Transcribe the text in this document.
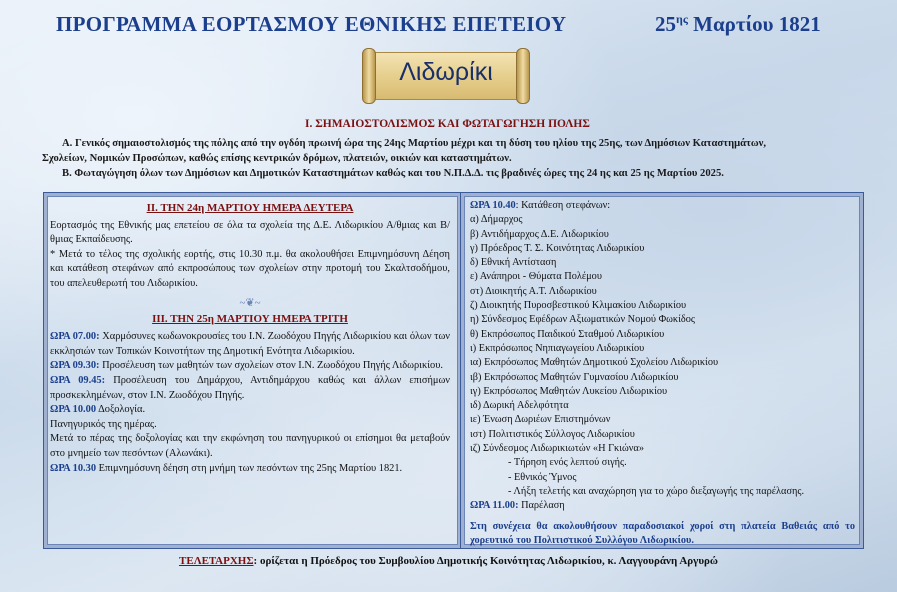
ΠΡΟΓΡΑΜΜΑ ΕΟΡΤΑΣΜΟΥ ΕΘΝΙΚΗΣ ΕΠΕΤΕΙΟΥ	$25^{\eta\varsigma}$ Μαρτίου 1821
Λιδωρίκι
Ι. ΣΗΜΑΙΟΣΤΟΛΙΣΜΟΣ ΚΑΙ ΦΩΤΑΓΩΓΗΣΗ ΠΟΛΗΣ

Α. Γενικός σημαιοστολισμός της πόλης από την ογδόη πρωινή ώρα της 24ης Μαρτίου μέχρι και τη δύση του ηλίου της 25ης, των Δημόσιων Καταστημάτων,

Σχολείων, Νομικών Προσώπων, καθώς επίσης κεντρικών δρόμων, πλατειών, οικιών και καταστημάτων.

Β. Φωταγώγηση όλων των Δημόσιων και Δημοτικών Καταστημάτων καθώς και του Ν.Π.Δ.Δ. τις βραδινές ώρες της 24 ης και 25 ης Μαρτίου 2025.

ΙΙ. ΤΗΝ 24η ΜΑΡΤΙΟΥ ΗΜΕΡΑ ΔΕΥΤΕΡΑ

Εορτασμός της Εθνικής μας επετείου σε όλα τα σχολεία της Δ.Ε. Λιδωρικίου Α/θμιας και Β/θμιας Εκπαίδευσης.

* Μετά το τέλος της σχολικής εορτής, στις 10.30 π.μ. θα ακολουθήσει Επιμνημόσυνη Δέηση και κατάθεση στεφάνων από εκπροσώπους των σχολείων στην προτομή του Σκαλτσοδήμου, του απελευθερωτή του Λιδωρικίου.

~❦~

ΙΙΙ. ΤΗΝ 25η ΜΑΡΤΙΟΥ ΗΜΕΡΑ ΤΡΙΤΗ

ΩΡΑ 07.00: Χαρμόσυνες κωδωνοκρουσίες του Ι.Ν. Ζωοδόχου Πηγής Λιδωρικίου και όλων των εκκλησιών των Τοπικών Κοινοτήτων της Δημοτική Ενότητα Λιδωρικίου.

ΩΡΑ 09.30: Προσέλευση των μαθητών των σχολείων στον Ι.Ν. Ζωοδόχου Πηγής Λιδωρικίου.

ΩΡΑ 09.45: Προσέλευση του Δημάρχου, Αντιδημάρχου καθώς και άλλων επισήμων προσκεκλημένων, στον Ι.Ν. Ζωοδόχου Πηγής.

ΩΡΑ 10.00 Δοξολογία.

Πανηγυρικός της ημέρας.

Μετά το πέρας της δοξολογίας και την εκφώνηση του πανηγυρικού οι επίσημοι θα μεταβούν στο μνημείο των πεσόντων (Αλωνάκι).

ΩΡΑ 10.30 Επιμνημόσυνη δέηση στη μνήμη των πεσόντων της 25ης Μαρτίου 1821.

ΩΡΑ 10.40: Κατάθεση στεφάνων:

α) Δήμαρχος

β) Αντιδήμαρχος Δ.Ε. Λιδωρικίου

γ) Πρόεδρος Τ. Σ. Κοινότητας Λιδωρικίου

δ) Εθνική Αντίσταση

ε) Ανάπηροι - Θύματα Πολέμου

στ) Διοικητής Α.Τ. Λιδωρικίου

ζ) Διοικητής Πυροσβεστικού Κλιμακίου Λιδωρικίου

η) Σύνδεσμος Εφέδρων Αξιωματικών Νομού Φωκίδος

θ) Εκπρόσωπος Παιδικού Σταθμού Λιδωρικίου

ι) Εκπρόσωπος Νηπιαγωγείου Λιδωρικίου

ια) Εκπρόσωπος Μαθητών Δημοτικού Σχολείου Λιδωρικίου

ιβ) Εκπρόσωπος Μαθητών Γυμνασίου Λιδωρικίου

ιγ) Εκπρόσωπος Μαθητών Λυκείου Λιδωρικίου

ιδ) Δωρική Αδελφότητα

ιε) Ένωση Δωριέων Επιστημόνων

ιστ) Πολιτιστικός Σύλλογος Λιδωρικίου

ιζ) Σύνδεσμος Λιδωρικιωτών «Η Γκιώνα»

- Τήρηση ενός λεπτού σιγής.

- Εθνικός Ύμνος

- Λήξη τελετής και αναχώρηση για το χώρο διεξαγωγής της παρέλασης.

ΩΡΑ 11.00: Παρέλαση

Στη συνέχεια θα ακολουθήσουν παραδοσιακοί χοροί στη πλατεία Βαθειάς από το χορευτικό του Πολιτιστικού Συλλόγου Λιδωρικίου.

ΤΕΛΕΤΑΡΧΗΣ: ορίζεται η Πρόεδρος του Συμβουλίου Δημοτικής Κοινότητας Λιδωρικίου, κ. Λαγγουράνη Αργυρώ
